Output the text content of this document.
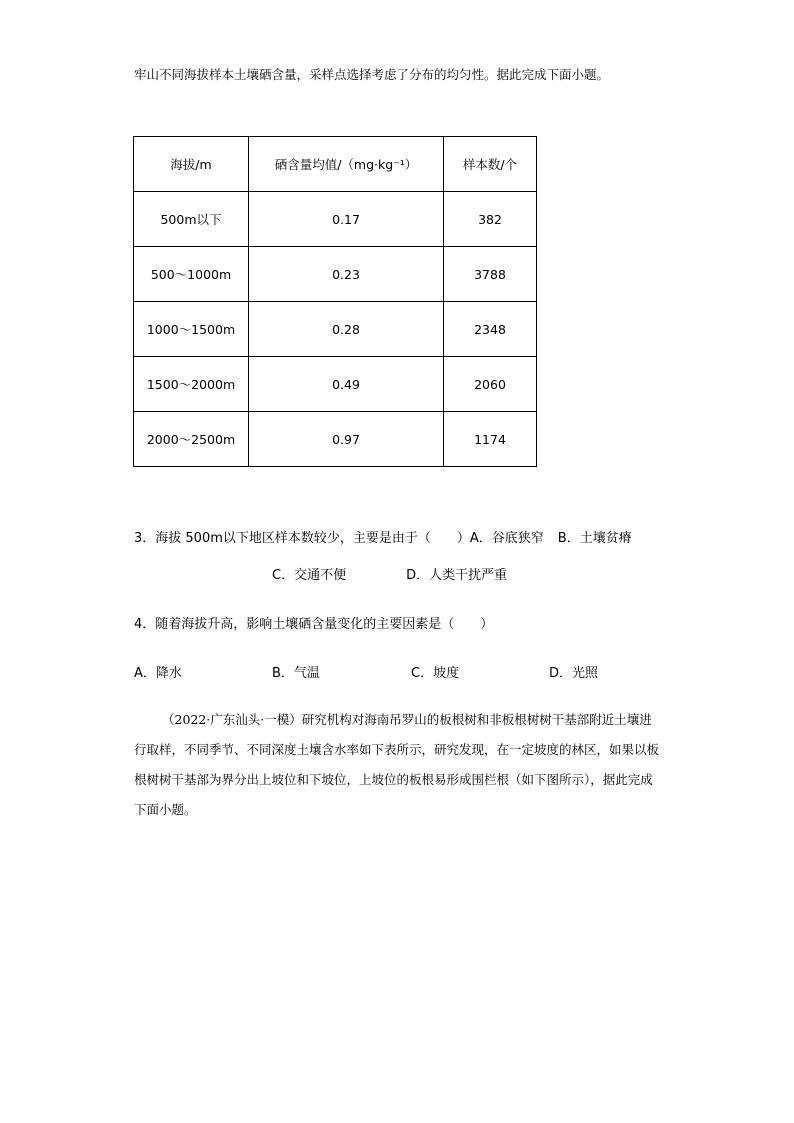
牢山不同海拔样本土壤硒含量，采样点选择考虑了分布的均匀性。据此完成下面小题。
海拔/m	硒含量均值/（mg·kg⁻¹）	样本数/个
500m以下	0.17	382
500～1000m	0.23	3788
1000～1500m	0.28	2348
1500～2000m	0.49	2060
2000～2500m	0.97	1174
3．海拔 500m以下地区样本数较少，主要是由于（　　）A．谷底狭窄 B．土壤贫瘠
C．交通不便	D．人类干扰严重
4．随着海拔升高，影响土壤硒含量变化的主要因素是（　　）
A．降水	B．气温	C．坡度	D．光照
（2022·广东汕头·一模）研究机构对海南吊罗山的板根树和非板根树树干基部附近土壤进行取样，不同季节、不同深度土壤含水率如下表所示，研究发现，在一定坡度的林区，如果以板根树树干基部为界分出上坡位和下坡位，上坡位的板根易形成围栏根（如下图所示），据此完成下面小题。
